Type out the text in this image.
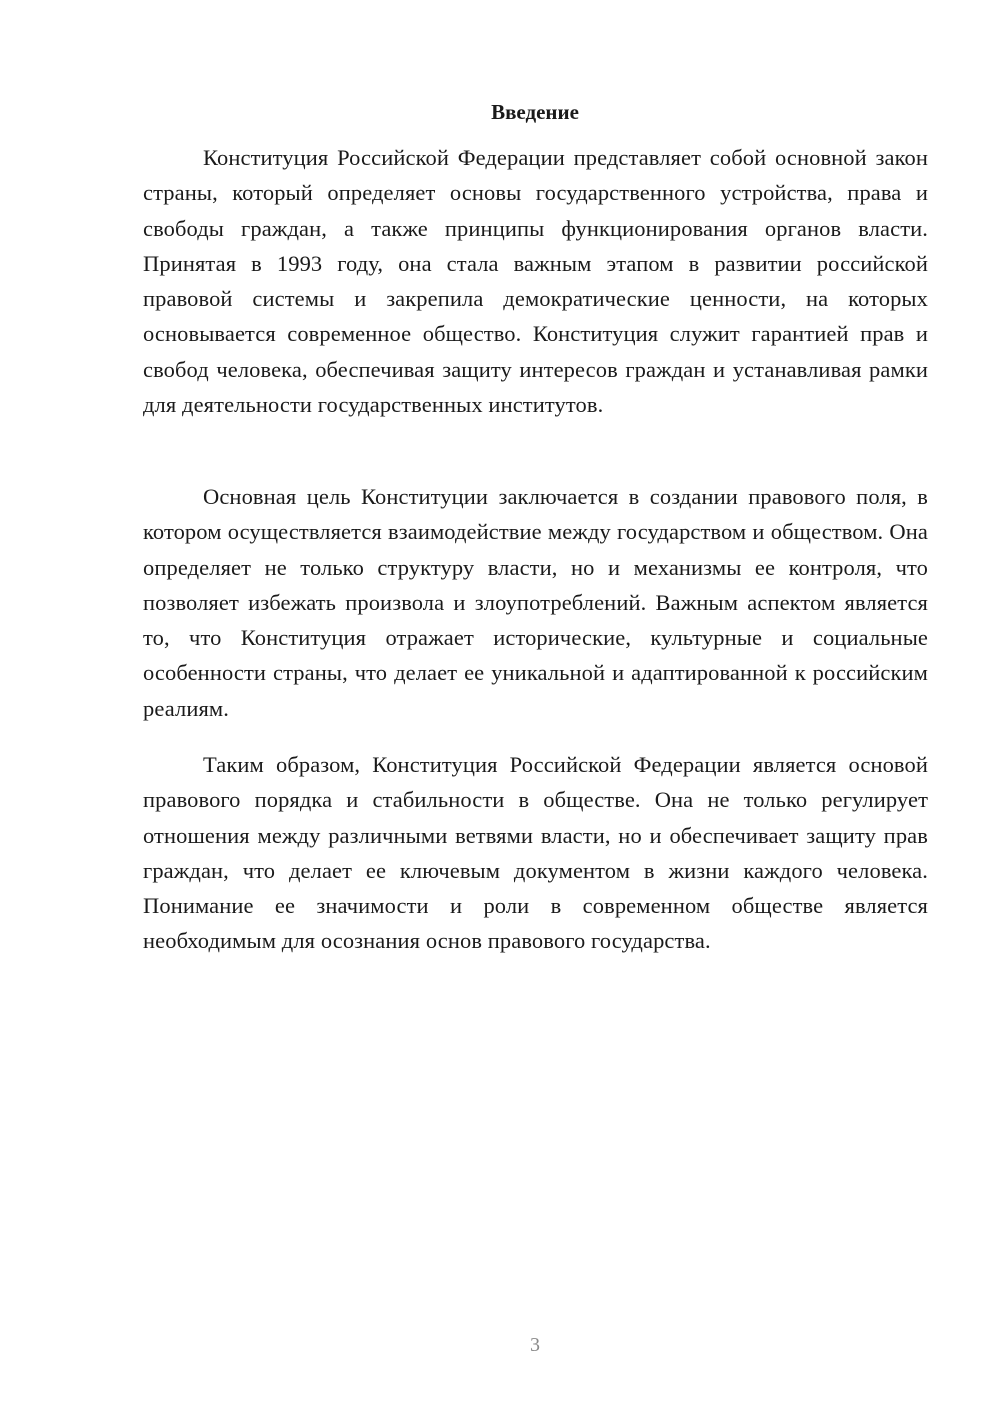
Введение

Конституция Российской Федерации представляет собой основной закон страны, который определяет основы государственного устройства, права и свободы граждан, а также принципы функционирования органов власти. Принятая в 1993 году, она стала важным этапом в развитии российской правовой системы и закрепила демократические ценности, на которых основывается современное общество. Конституция служит гарантией прав и свобод человека, обеспечивая защиту интересов граждан и устанавливая рамки для деятельности государственных институтов.

Основная цель Конституции заключается в создании правового поля, в котором осуществляется взаимодействие между государством и обществом. Она определяет не только структуру власти, но и механизмы ее контроля, что позволяет избежать произвола и злоупотреблений. Важным аспектом является то, что Конституция отражает исторические, культурные и социальные особенности страны, что делает ее уникальной и адаптированной к российским реалиям.

Таким образом, Конституция Российской Федерации является основой правового порядка и стабильности в обществе. Она не только регулирует отношения между различными ветвями власти, но и обеспечивает защиту прав граждан, что делает ее ключевым документом в жизни каждого человека. Понимание ее значимости и роли в современном обществе является необходимым для осознания основ правового государства.

3
